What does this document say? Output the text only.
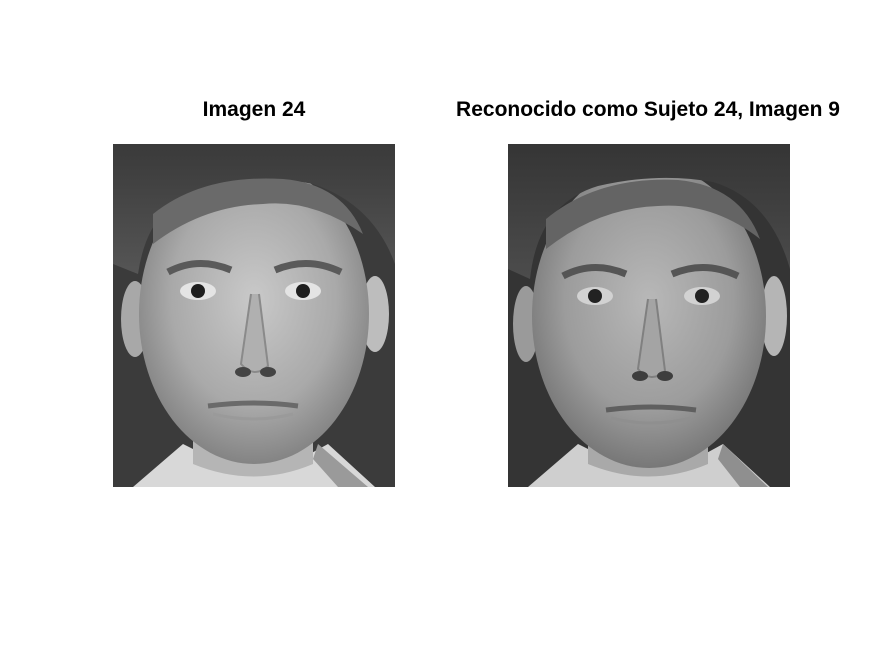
Imagen 24	Reconocido como Sujeto 24, Imagen 9
